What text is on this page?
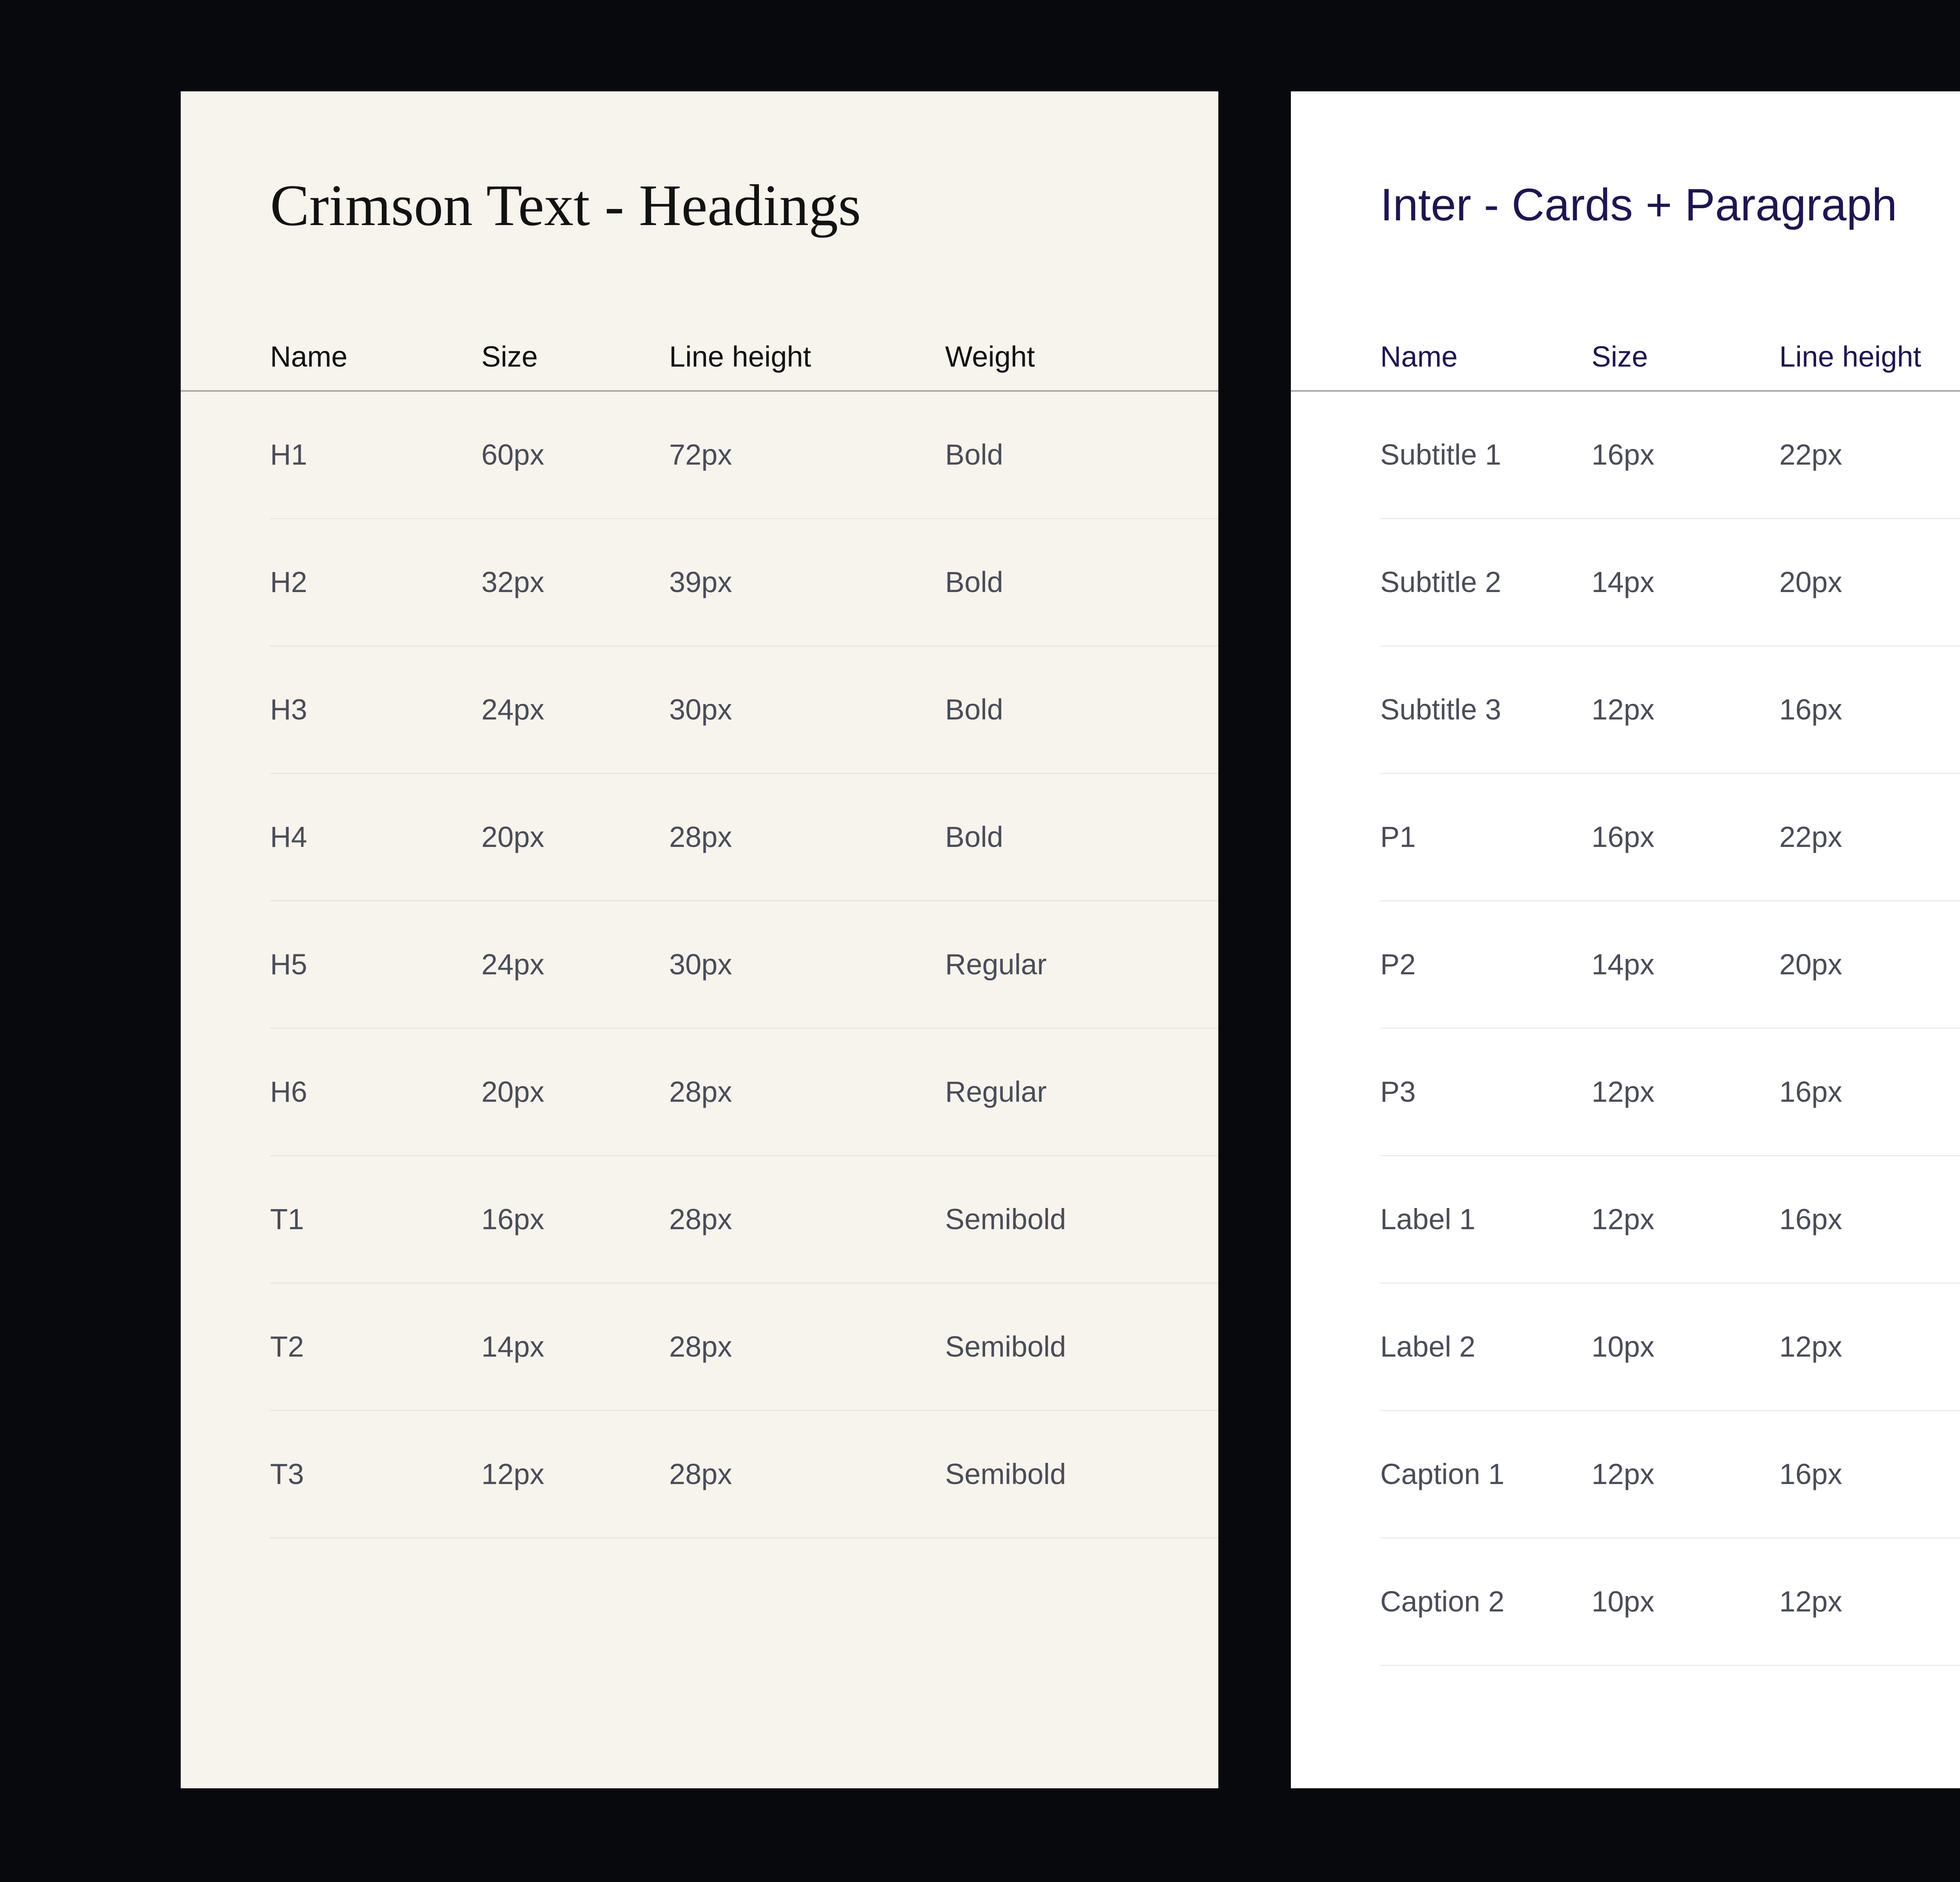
Crimson Text - Headings
Name	Size	Line height	Weight
H1	60px	72px	Bold
H2	32px	39px	Bold
H3	24px	30px	Bold
H4	20px	28px	Bold
H5	24px	30px	Regular
H6	20px	28px	Regular
T1	16px	28px	Semibold
T2	14px	28px	Semibold
T3	12px	28px	Semibold
Inter - Cards + Paragraph
Name	Size	Line height
Subtitle 1	16px	22px
Subtitle 2	14px	20px
Subtitle 3	12px	16px
P1	16px	22px
P2	14px	20px
P3	12px	16px
Label 1	12px	16px
Label 2	10px	12px
Caption 1	12px	16px
Caption 2	10px	12px
